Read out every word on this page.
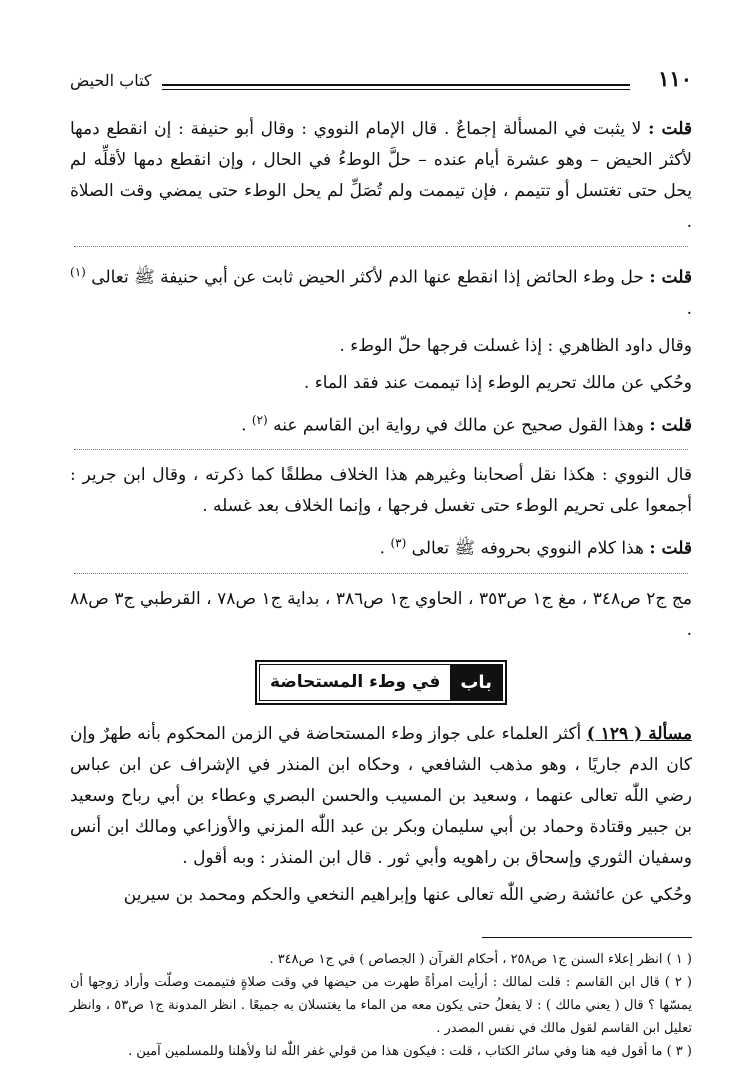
١١٠
كتاب الحيض

قلت : لا يثبت في المسألة إجماعٌ . قال الإمام النووي : وقال أبو حنيفة : إن انقطع دمها لأكثر الحيض – وهو عشرة أيام عنده – حلَّ الوطءُ في الحال ، وإن انقطع دمها لأقلِّه لم يحل حتى تغتسل أو تتيمم ، فإن تيممت ولم تُصَلِّ لم يحل الوطء حتى يمضي وقت الصلاة .

قلت : حل وطء الحائض إذا انقطع عنها الدم لأكثر الحيض ثابت عن أبي حنيفة ﷺ تعالى $^{(١)}$ .

وقال داود الظاهري : إذا غسلت فرجها حلّ الوطء .

وحُكي عن مالك تحريم الوطء إذا تيممت عند فقد الماء .

قلت : وهذا القول صحيح عن مالك في رواية ابن القاسم عنه $^{(٢)}$ .

قال النووي : هكذا نقل أصحابنا وغيرهم هذا الخلاف مطلقًا كما ذكرته ، وقال ابن جرير : أجمعوا على تحريم الوطء حتى تغسل فرجها ، وإنما الخلاف بعد غسله .

قلت : هذا كلام النووي بحروفه ﷺ تعالى $^{(٣)}$ .

مج ج٢ ص٣٤٨ ، مغ ج١ ص٣٥٣ ، الحاوي ج١ ص٣٨٦ ، بداية ج١ ص٧٨ ، القرطبي ج٣ ص٨٨ .

باب
في وطء المستحاضة

مسألة ( ١٢٩ ) أكثر العلماء على جواز وطء المستحاضة في الزمن المحكوم بأنه طهرٌ وإن كان الدم جاريًا ، وهو مذهب الشافعي ، وحكاه ابن المنذر في الإشراف عن ابن عباس رضي اللّٰه تعالى عنهما ، وسعيد بن المسيب والحسن البصري وعطاء بن أبي رباح وسعيد بن جبير وقتادة وحماد بن أبي سليمان وبكر بن عبد اللّٰه المزني والأوزاعي ومالك ابن أنس وسفيان الثوري وإسحاق بن راهويه وأبي ثور . قال ابن المنذر : وبه أقول .

وحُكي عن عائشة رضي اللّٰه تعالى عنها وإبراهيم النخعي والحكم ومحمد بن سيرين

( ١ ) انظر إعلاء السنن ج١ ص٢٥٨ ، أحكام القرآن ( الجصاص ) في ج١ ص٣٤٨ .

( ٢ ) قال ابن القاسم : قلت لمالك : أرأيت امرأةً طهرت من حيضها في وقت صلاةٍ فتيممت وصلّت وأراد زوجها أن يمسّها ؟ قال ( يعني مالك ) : لا يفعلُ حتى يكون معه من الماء ما يغتسلان به جميعًا . انظر المدونة ج١ ص٥٣ ، وانظر تعليل ابن القاسم لقول مالك في نفس المصدر .

( ٣ ) ما أقول فيه هنا وفي سائر الكتاب ، قلت : فيكون هذا من قولي غفر اللّٰه لنا ولأهلنا وللمسلمين آمين .
